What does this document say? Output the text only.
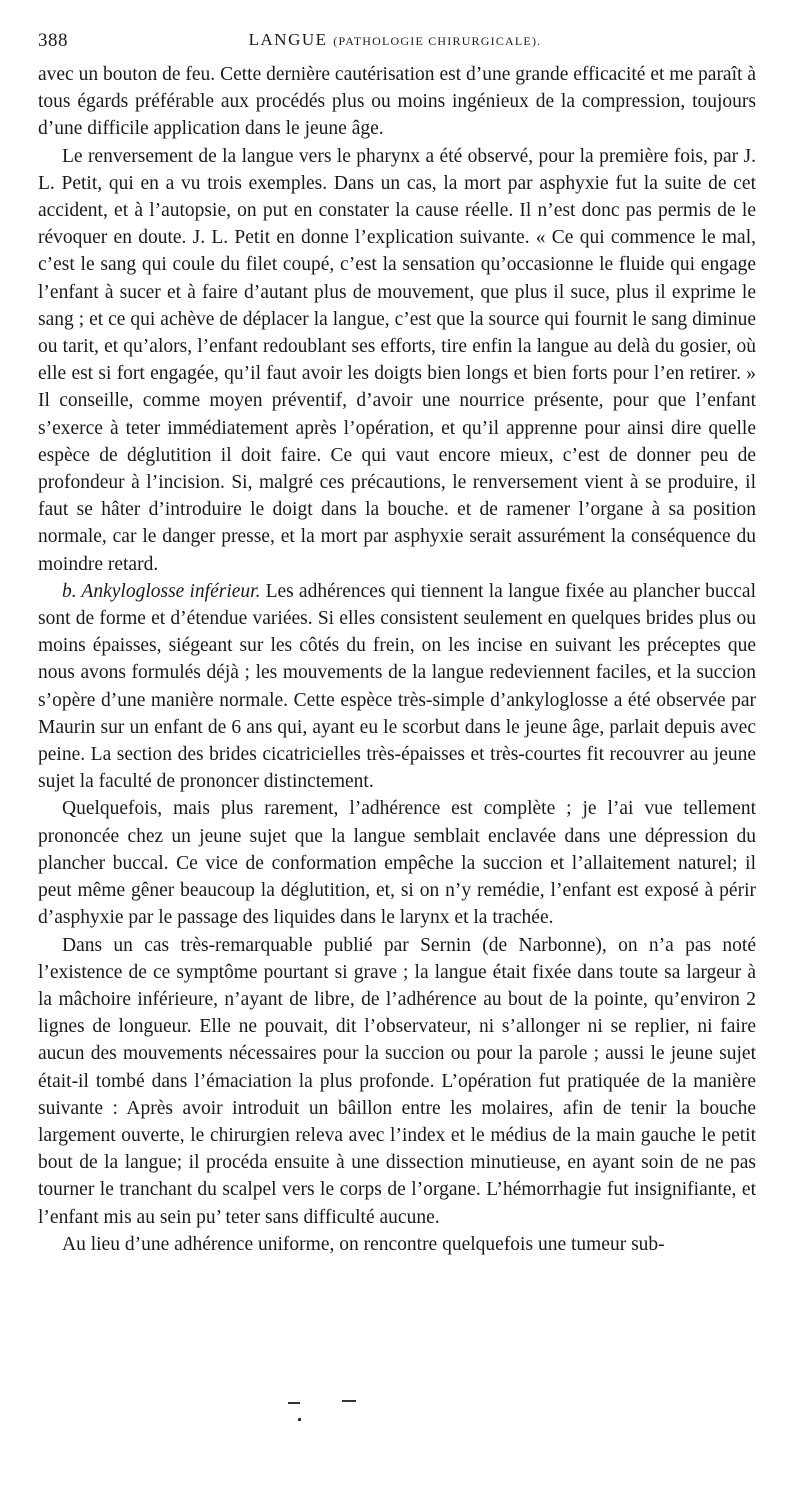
388	LANGUE (PATHOLOGIE CHIRURGICALE).

avec un bouton de feu. Cette dernière cautérisation est d’une grande efficacité et me paraît à tous égards préférable aux procédés plus ou moins ingénieux de la compression, toujours d’une difficile application dans le jeune âge.

Le renversement de la langue vers le pharynx a été observé, pour la première fois, par J. L. Petit, qui en a vu trois exemples. Dans un cas, la mort par asphyxie fut la suite de cet accident, et à l’autopsie, on put en constater la cause réelle. Il n’est donc pas permis de le révoquer en doute. J. L. Petit en donne l’explication suivante. « Ce qui commence le mal, c’est le sang qui coule du filet coupé, c’est la sensation qu’occasionne le fluide qui engage l’enfant à sucer et à faire d’autant plus de mouvement, que plus il suce, plus il exprime le sang ; et ce qui achève de déplacer la langue, c’est que la source qui fournit le sang diminue ou tarit, et qu’alors, l’enfant redoublant ses efforts, tire enfin la langue au delà du gosier, où elle est si fort engagée, qu’il faut avoir les doigts bien longs et bien forts pour l’en retirer. » Il conseille, comme moyen préventif, d’avoir une nourrice présente, pour que l’enfant s’exerce à teter immédiatement après l’opération, et qu’il apprenne pour ainsi dire quelle espèce de déglutition il doit faire. Ce qui vaut encore mieux, c’est de donner peu de profondeur à l’incision. Si, malgré ces précautions, le renversement vient à se produire, il faut se hâter d’introduire le doigt dans la bouche. et de ramener l’organe à sa position normale, car le danger presse, et la mort par asphyxie serait assurément la conséquence du moindre retard.

b. Ankyloglosse inférieur. Les adhérences qui tiennent la langue fixée au plancher buccal sont de forme et d’étendue variées. Si elles consistent seulement en quelques brides plus ou moins épaisses, siégeant sur les côtés du frein, on les incise en suivant les préceptes que nous avons formulés déjà ; les mouvements de la langue redeviennent faciles, et la succion s’opère d’une manière normale. Cette espèce très-simple d’ankyloglosse a été observée par Maurin sur un enfant de 6 ans qui, ayant eu le scorbut dans le jeune âge, parlait depuis avec peine. La section des brides cicatricielles très-épaisses et très-courtes fit recouvrer au jeune sujet la faculté de prononcer distinctement.

Quelquefois, mais plus rarement, l’adhérence est complète ; je l’ai vue tellement prononcée chez un jeune sujet que la langue semblait enclavée dans une dépression du plancher buccal. Ce vice de conformation empêche la succion et l’allaitement naturel; il peut même gêner beaucoup la déglutition, et, si on n’y remédie, l’enfant est exposé à périr d’asphyxie par le passage des liquides dans le larynx et la trachée.

Dans un cas très-remarquable publié par Sernin (de Narbonne), on n’a pas noté l’existence de ce symptôme pourtant si grave ; la langue était fixée dans toute sa largeur à la mâchoire inférieure, n’ayant de libre, de l’adhérence au bout de la pointe, qu’environ 2 lignes de longueur. Elle ne pouvait, dit l’observateur, ni s’allonger ni se replier, ni faire aucun des mouvements nécessaires pour la succion ou pour la parole ; aussi le jeune sujet était-il tombé dans l’émaciation la plus profonde. L’opération fut pratiquée de la manière suivante : Après avoir introduit un bâillon entre les molaires, afin de tenir la bouche largement ouverte, le chirurgien releva avec l’index et le médius de la main gauche le petit bout de la langue; il procéda ensuite à une dissection minutieuse, en ayant soin de ne pas tourner le tranchant du scalpel vers le corps de l’organe. L’hémorrhagie fut insignifiante, et l’enfant mis au sein pu’ teter sans difficulté aucune.

Au lieu d’une adhérence uniforme, on rencontre quelquefois une tumeur sub-
